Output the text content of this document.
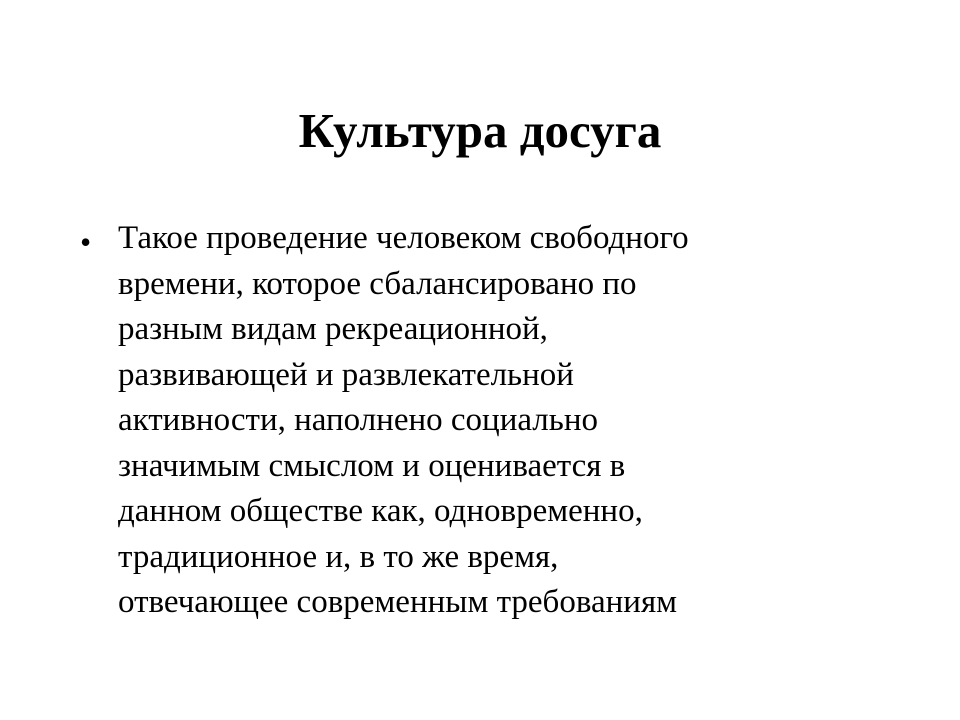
Культура досуга
• Такое проведение человеком свободного
времени, которое сбалансировано по
разным видам рекреационной,
развивающей и развлекательной
активности, наполнено социально
значимым смыслом и оценивается в
данном обществе как, одновременно,
традиционное и, в то же время,
отвечающее современным требованиям
